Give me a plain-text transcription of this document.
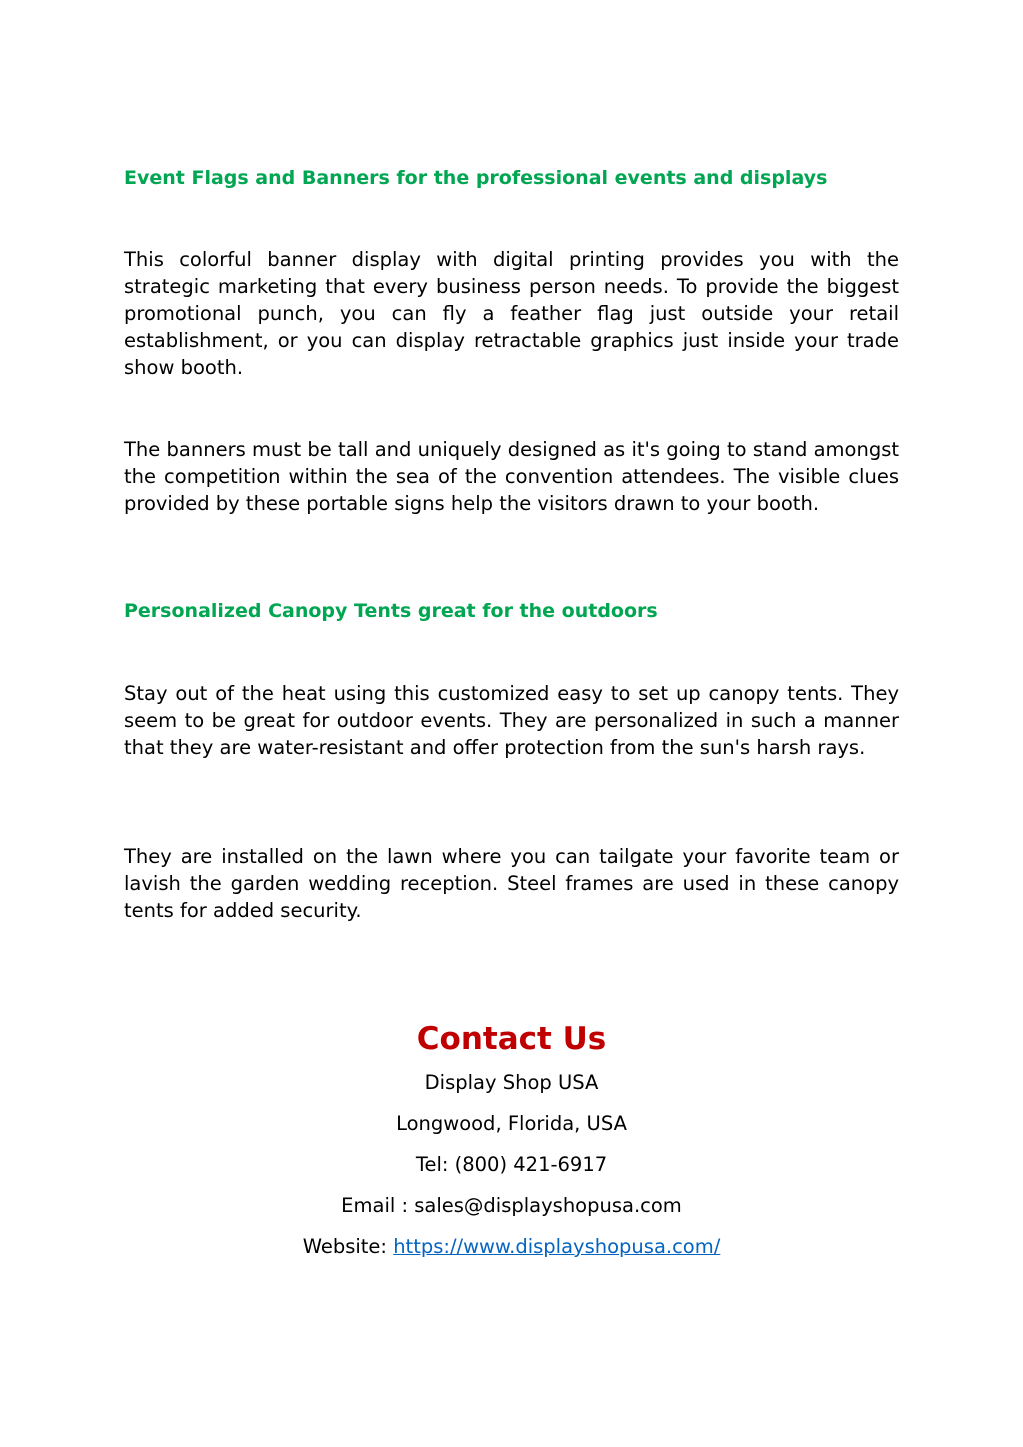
Event Flags and Banners for the professional events and displays

This colorful banner display with digital printing provides you with the strategic marketing that every business person needs. To provide the biggest promotional punch, you can fly a feather flag just outside your retail establishment, or you can display retractable graphics just inside your trade show booth.

The banners must be tall and uniquely designed as it's going to stand amongst the competition within the sea of the convention attendees. The visible clues provided by these portable signs help the visitors drawn to your booth.

Personalized Canopy Tents great for the outdoors

Stay out of the heat using this customized easy to set up canopy tents. They seem to be great for outdoor events. They are personalized in such a manner that they are water-resistant and offer protection from the sun's harsh rays.

They are installed on the lawn where you can tailgate your favorite team or lavish the garden wedding reception. Steel frames are used in these canopy tents for added security.

Contact Us

Display Shop USA

Longwood, Florida, USA

Tel: (800) 421-6917

Email : sales@displayshopusa.com

Website: https://www.displayshopusa.com/
